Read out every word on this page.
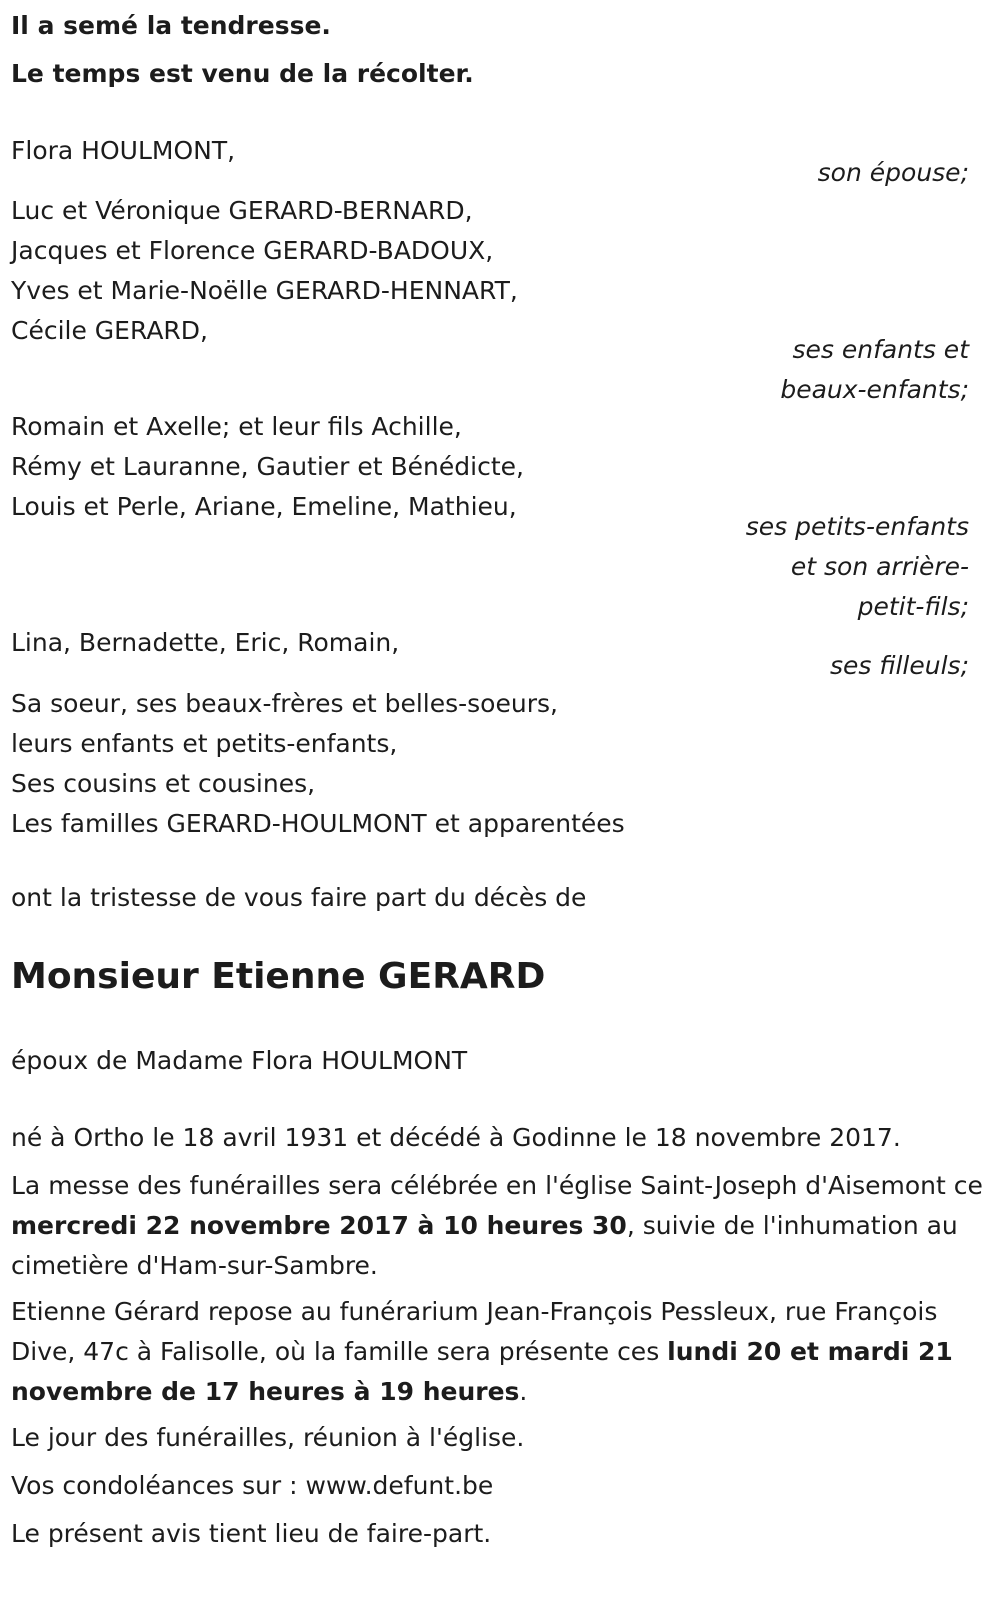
Il a semé la tendresse.
Le temps est venu de la récolter.
Flora HOULMONT,
son épouse;
Luc et Véronique GERARD-BERNARD,
Jacques et Florence GERARD-BADOUX,
Yves et Marie-Noëlle GERARD-HENNART,
Cécile GERARD,
ses enfants et
beaux-enfants;
Romain et Axelle; et leur fils Achille,
Rémy et Lauranne, Gautier et Bénédicte,
Louis et Perle, Ariane, Emeline, Mathieu,
ses petits-enfants
et son arrière-
petit-fils;
Lina, Bernadette, Eric, Romain,
ses filleuls;
Sa soeur, ses beaux-frères et belles-soeurs,
leurs enfants et petits-enfants,
Ses cousins et cousines,
Les familles GERARD-HOULMONT et apparentées
ont la tristesse de vous faire part du décès de
Monsieur Etienne GERARD
époux de Madame Flora HOULMONT
né à Ortho le 18 avril 1931 et décédé à Godinne le 18 novembre 2017.
La messe des funérailles sera célébrée en l'église Saint-Joseph d'Aisemont ce mercredi 22 novembre 2017 à 10 heures 30, suivie de l'inhumation au cimetière d'Ham-sur-Sambre.
Etienne Gérard repose au funérarium Jean-François Pessleux, rue François Dive, 47c à Falisolle, où la famille sera présente ces lundi 20 et mardi 21 novembre de 17 heures à 19 heures.
Le jour des funérailles, réunion à l'église.
Vos condoléances sur : www.defunt.be
Le présent avis tient lieu de faire-part.
